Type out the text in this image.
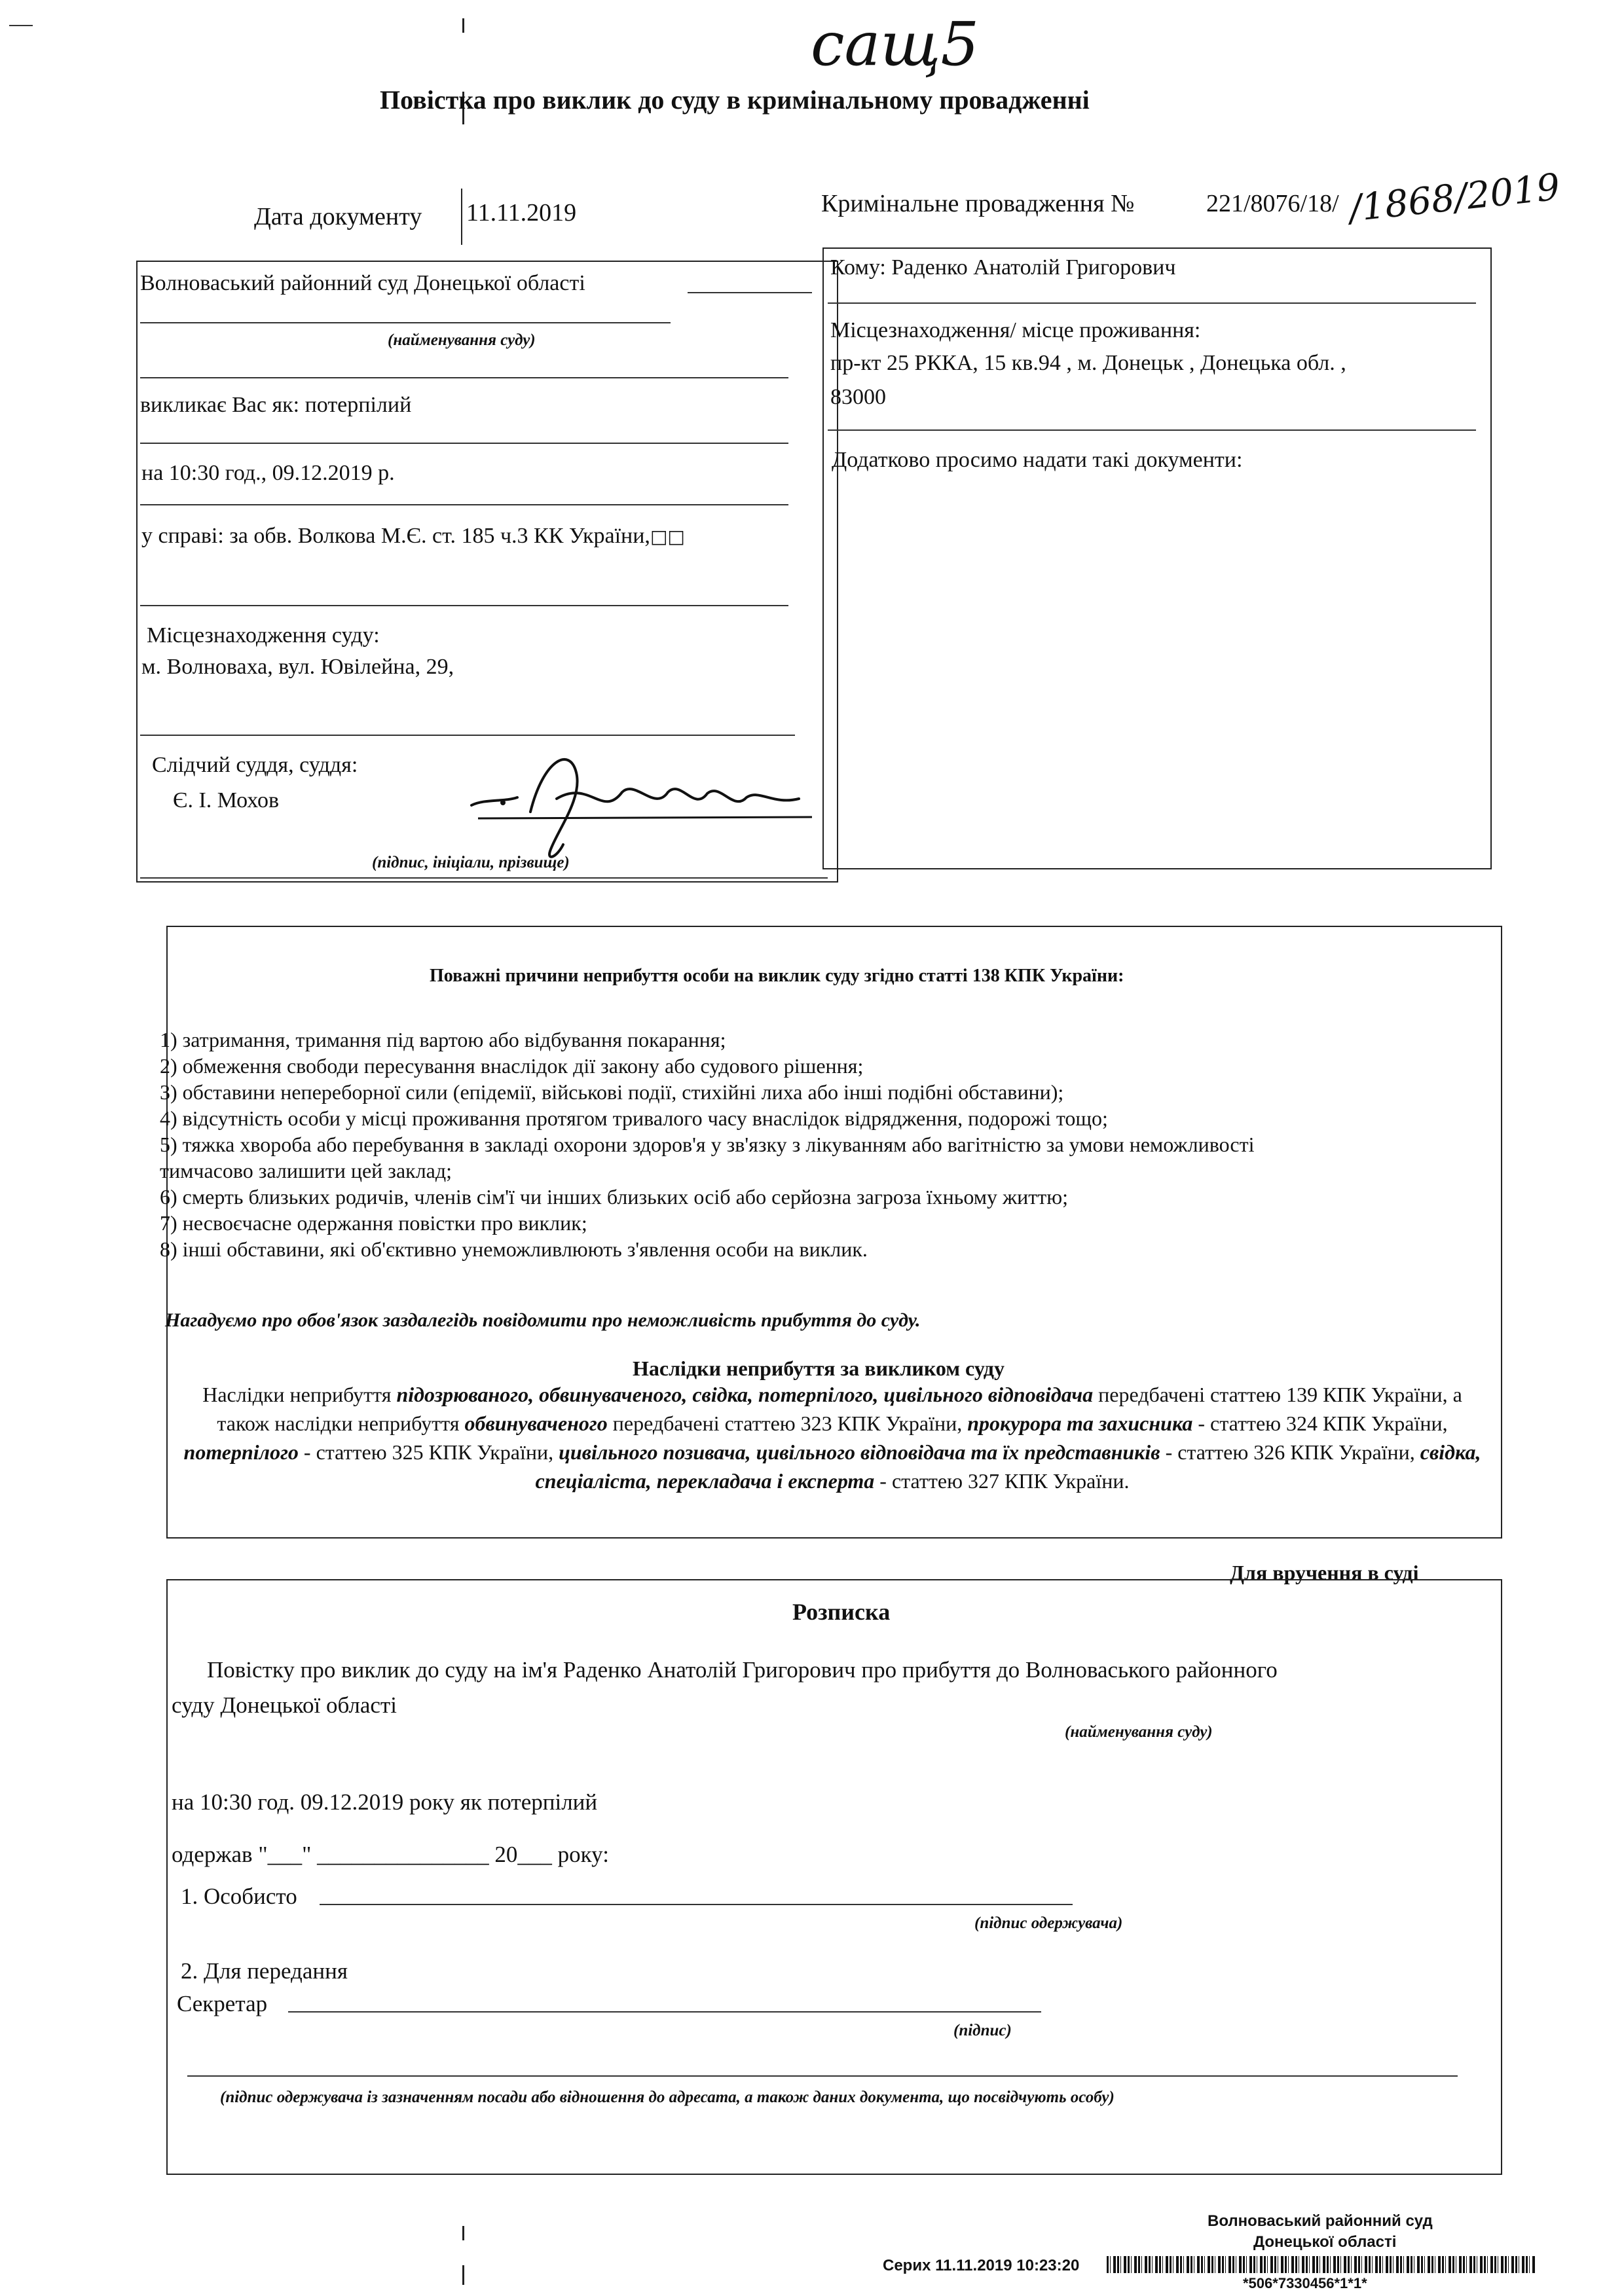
сащ5
Повістка про виклик до суду в кримінальному провадженні
Дата документу 11.11.2019	Кримінальне провадження №	221/8076/18/ /1868/2019
Волноваський районний суд Донецької області
(найменування суду)
викликає Вас як: потерпілий
на 10:30 год., 09.12.2019 р.
у справі: за обв. Волкова М.Є. ст. 185 ч.3 КК України,□□
Місцезнаходження суду:
м. Волноваха, вул. Ювілейна, 29,
Слідчий суддя, суддя:
Є. І. Мохов
(підпис, ініціали, прізвище)
Кому: Раденко Анатолій Григорович
Місцезнаходження/ місце проживання:
пр-кт 25 РККА, 15 кв.94 , м. Донецьк , Донецька обл. ,
83000
Додатково просимо надати такі документи:
Поважні причини неприбуття особи на виклик суду згідно статті 138 КПК України:
1) затримання, тримання під вартою або відбування покарання;
2) обмеження свободи пересування внаслідок дії закону або судового рішення;
3) обставини непереборної сили (епідемії, військові події, стихійні лиха або інші подібні обставини);
4) відсутність особи у місці проживання протягом тривалого часу внаслідок відрядження, подорожі тощо;
5) тяжка хвороба або перебування в закладі охорони здоров'я у зв'язку з лікуванням або вагітністю за умови неможливості
тимчасово залишити цей заклад;
6) смерть близьких родичів, членів сім'ї чи інших близьких осіб або серйозна загроза їхньому життю;
7) несвоєчасне одержання повістки про виклик;
8) інші обставини, які об'єктивно унеможливлюють з'явлення особи на виклик.
Нагадуємо про обов'язок заздалегідь повідомити про неможливість прибуття до суду.
Наслідки неприбуття за викликом суду
Наслідки неприбуття підозрюваного, обвинуваченого, свідка, потерпілого, цивільного відповідача передбачені статтею 139 КПК України, а також наслідки неприбуття обвинуваченого передбачені статтею 323 КПК України, прокурора та захисника - статтею 324 КПК України, потерпілого - статтею 325 КПК України, цивільного позивача, цивільного відповідача та їх представників - статтею 326 КПК України, свідка, спеціаліста, перекладача і експерта - статтею 327 КПК України.
Для вручення в суді
Розписка
Повістку про виклик до суду на ім'я Раденко Анатолій Григорович про прибуття до Волноваського районного
суду Донецької області
(найменування суду)
на 10:30 год. 09.12.2019 року як потерпілий
одержав "___" _______________ 20___ року:
1. Особисто
(підпис одержувача)
2. Для передання
Секретар
(підпис)
(підпис одержувача із зазначенням посади або відношення до адресата, а також даних документа, що посвідчують особу)
Волноваський районний суд
Донецької області
Серих 11.11.2019 10:23:20
*506*7330456*1*1*
